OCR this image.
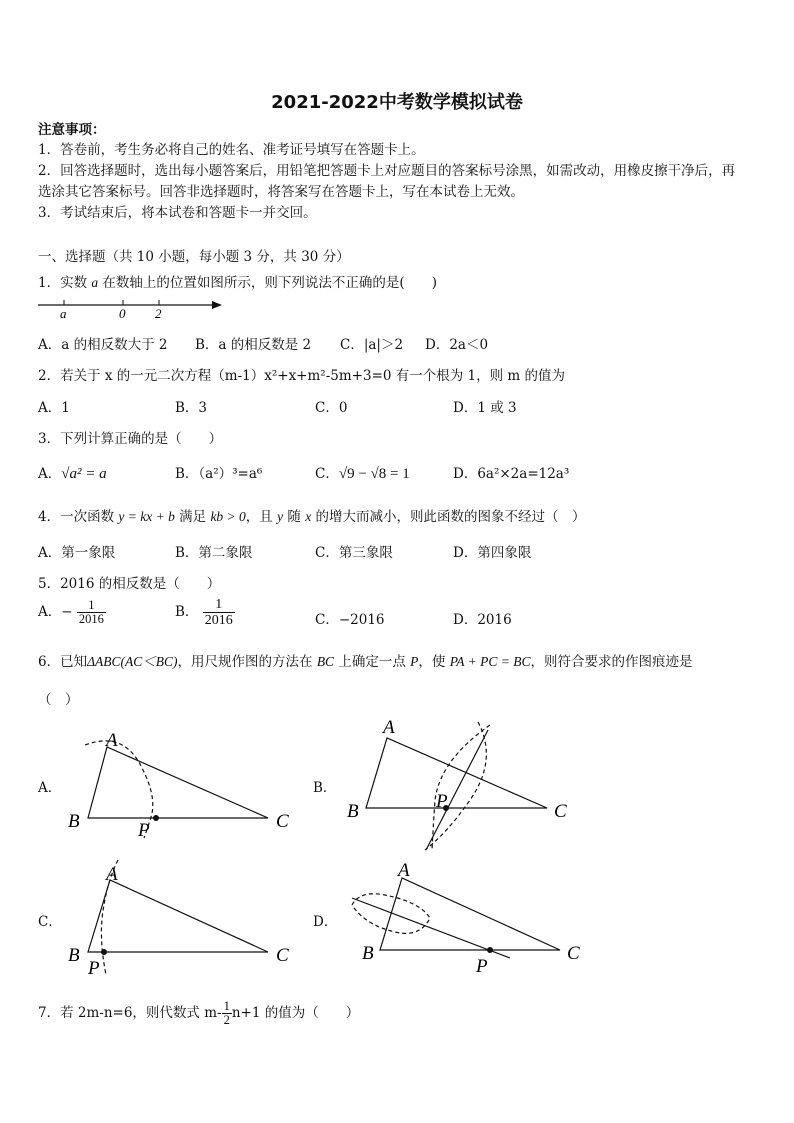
2021-2022中考数学模拟试卷
注意事项：
1．答卷前，考生务必将自己的姓名、准考证号填写在答题卡上。
2．回答选择题时，选出每小题答案后，用铅笔把答题卡上对应题目的答案标号涂黑，如需改动，用橡皮擦干净后，再
选涂其它答案标号。回答非选择题时，将答案写在答题卡上，写在本试卷上无效。
3．考试结束后，将本试卷和答题卡一并交回。
一、选择题（共 10 小题，每小题 3 分，共 30 分）
1．实数 a 在数轴上的位置如图所示，则下列说法不正确的是(　　)
a	0 2
A．a 的相反数大于 2 B．a 的相反数是 2 C．|a|＞2 D．2a＜0
2．若关于 x 的一元二次方程（m-1）x²+x+m²-5m+3=0 有一个根为 1，则 m 的值为
A．1	B．3	C．0	D．1 或 3
3．下列计算正确的是（　　）
A．√a² = a	B．（a²）³=a⁶	C．√9 − √8 = 1	D．6a²×2a=12a³
4．一次函数 y = kx + b 满足 kb > 0，且 y 随 x 的增大而减小，则此函数的图象不经过（　）
A．第一象限	B．第二象限	C．第三象限	D．第四象限
5．2016 的相反数是（　　）
A．− $\frac{1}{2016}$	B． $\frac{1}{2016}$	C．−2016	D．2016
6．已知ΔABC(AC＜BC)，用尺规作图的方法在 BC 上确定一点 P，使 PA + PC = BC，则符合要求的作图痕迹是
（　）
A．	B．
C．	D．
A
B	C
P
A
B	C
P
A
B	C
P
A
B	C
P
7．若 2m-n=6，则代数式 $m- \frac{1}{2} n+1$ 的值为（　　）
